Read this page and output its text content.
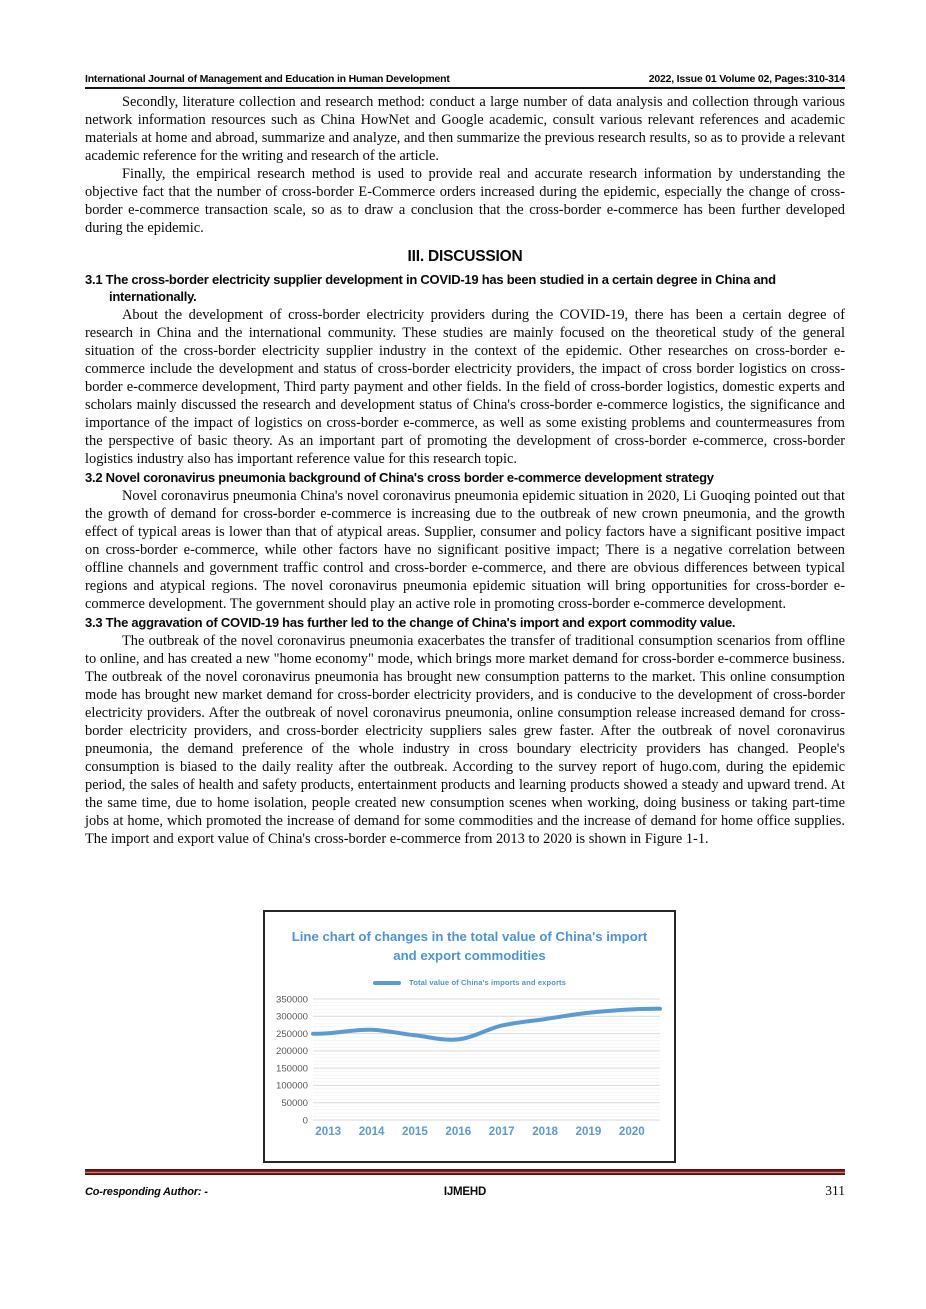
International Journal of Management and Education in Human Development	2022, Issue 01 Volume 02, Pages:310-314

Secondly, literature collection and research method: conduct a large number of data analysis and collection through various network information resources such as China HowNet and Google academic, consult various relevant references and academic materials at home and abroad, summarize and analyze, and then summarize the previous research results, so as to provide a relevant academic reference for the writing and research of the article.

Finally, the empirical research method is used to provide real and accurate research information by understanding the objective fact that the number of cross-border E-Commerce orders increased during the epidemic, especially the change of cross-border e-commerce transaction scale, so as to draw a conclusion that the cross-border e-commerce has been further developed during the epidemic.

III. DISCUSSION
3.1 The cross-border electricity supplier development in COVID-19 has been studied in a certain degree in China and internationally.

About the development of cross-border electricity providers during the COVID-19, there has been a certain degree of research in China and the international community. These studies are mainly focused on the theoretical study of the general situation of the cross-border electricity supplier industry in the context of the epidemic. Other researches on cross-border e-commerce include the development and status of cross-border electricity providers, the impact of cross border logistics on cross-border e-commerce development, Third party payment and other fields. In the field of cross-border logistics, domestic experts and scholars mainly discussed the research and development status of China's cross-border e-commerce logistics, the significance and importance of the impact of logistics on cross-border e-commerce, as well as some existing problems and countermeasures from the perspective of basic theory. As an important part of promoting the development of cross-border e-commerce, cross-border logistics industry also has important reference value for this research topic.

3.2 Novel coronavirus pneumonia background of China's cross border e-commerce development strategy

Novel coronavirus pneumonia China's novel coronavirus pneumonia epidemic situation in 2020, Li Guoqing pointed out that the growth of demand for cross-border e-commerce is increasing due to the outbreak of new crown pneumonia, and the growth effect of typical areas is lower than that of atypical areas. Supplier, consumer and policy factors have a significant positive impact on cross-border e-commerce, while other factors have no significant positive impact; There is a negative correlation between offline channels and government traffic control and cross-border e-commerce, and there are obvious differences between typical regions and atypical regions. The novel coronavirus pneumonia epidemic situation will bring opportunities for cross-border e-commerce development. The government should play an active role in promoting cross-border e-commerce development.

3.3 The aggravation of COVID-19 has further led to the change of China's import and export commodity value.

The outbreak of the novel coronavirus pneumonia exacerbates the transfer of traditional consumption scenarios from offline to online, and has created a new "home economy" mode, which brings more market demand for cross-border e-commerce business. The outbreak of the novel coronavirus pneumonia has brought new consumption patterns to the market. This online consumption mode has brought new market demand for cross-border electricity providers, and is conducive to the development of cross-border electricity providers. After the outbreak of novel coronavirus pneumonia, online consumption release increased demand for cross-border electricity providers, and cross-border electricity suppliers sales grew faster. After the outbreak of novel coronavirus pneumonia, the demand preference of the whole industry in cross boundary electricity providers has changed. People's consumption is biased to the daily reality after the outbreak. According to the survey report of hugo.com, during the epidemic period, the sales of health and safety products, entertainment products and learning products showed a steady and upward trend. At the same time, due to home isolation, people created new consumption scenes when working, doing business or taking part-time jobs at home, which promoted the increase of demand for some commodities and the increase of demand for home office supplies. The import and export value of China's cross-border e-commerce from 2013 to 2020 is shown in Figure 1-1.

Line chart of changes in the total value of China's import
and export commodities
Total value of China's imports and exports
0
50000
100000
150000
200000
250000
300000
350000
2013 2014 2015 2016 2017 2018 2019 2020
Co-responding Author: -	IJMEHD	311
